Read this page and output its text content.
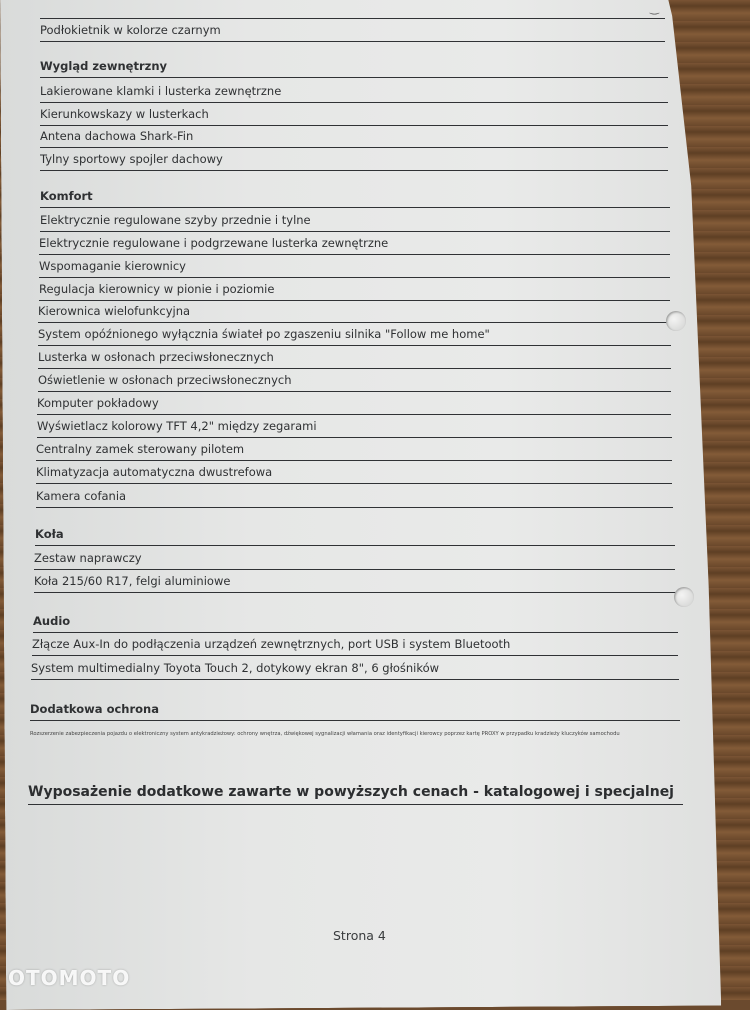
‿
Podłokietnik w kolorze czarnym
Wygląd zewnętrzny
Lakierowane klamki i lusterka zewnętrzne
Kierunkowskazy w lusterkach
Antena dachowa Shark-Fin
Tylny sportowy spojler dachowy
Komfort
Elektrycznie regulowane szyby przednie i tylne
Elektrycznie regulowane i podgrzewane lusterka zewnętrzne
Wspomaganie kierownicy
Regulacja kierownicy w pionie i poziomie
Kierownica wielofunkcyjna
System opóźnionego wyłącznia świateł po zgaszeniu silnika "Follow me home"
Lusterka w osłonach przeciwsłonecznych
Oświetlenie w osłonach przeciwsłonecznych
Komputer pokładowy
Wyświetlacz kolorowy TFT 4,2" między zegarami
Centralny zamek sterowany pilotem
Klimatyzacja automatyczna dwustrefowa
Kamera cofania
Koła
Zestaw naprawczy
Koła 215/60 R17, felgi aluminiowe
Audio
Złącze Aux-In do podłączenia urządzeń zewnętrznych, port USB i system Bluetooth
System multimedialny Toyota Touch 2, dotykowy ekran 8", 6 głośników
Dodatkowa ochrona
Rozszerzenie zabezpieczenia pojazdu o elektroniczny system antykradzieżowy: ochrony wnętrza, dźwiękowej sygnalizacji włamania oraz identyfikacji kierowcy poprzez kartę PROXY w przypadku kradzieży kluczyków samochodu
Wyposażenie dodatkowe zawarte w powyższych cenach - katalogowej i specjalnej
Strona 4
OTOMOTO
